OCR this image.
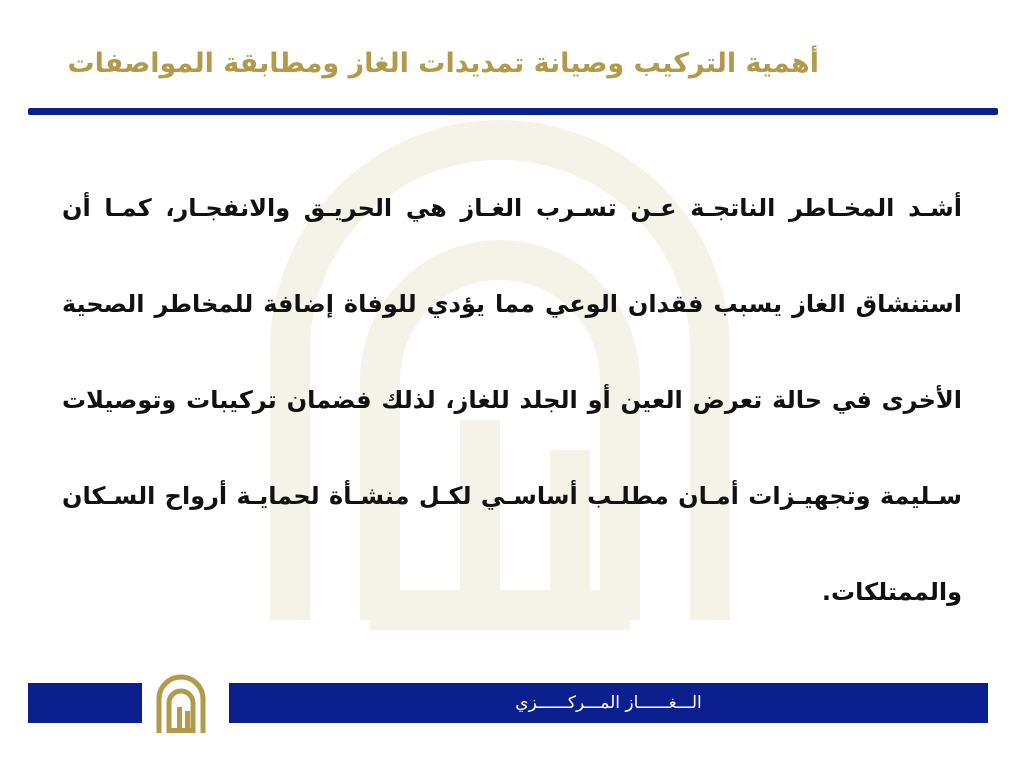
أهمية التركيب وصيانة تمديدات الغاز ومطابقة المواصفات
أشـد المخـاطر الناتجـة عـن تسـرب الغـاز هي الحريـق والانفجـار، كمـا أن استنشاق الغاز يسبب فقدان الوعي مما يؤدي للوفاة إضافة للمخاطر الصحية الأخرى في حالة تعرض العين أو الجلد للغاز، لذلك فضمان تركيبات وتوصيلات سـليمة وتجهيـزات أمـان مطلـب أساسـي لكـل منشـأة لحمايـة أرواح السـكان والممتلكات.
الـــغــــــاز المـــركــــــزي
